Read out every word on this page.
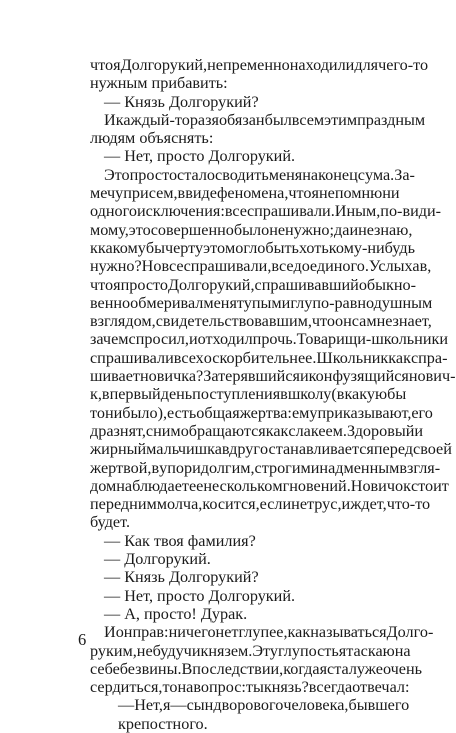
что я Долгорукий, непременно находили для чего-то
нужным прибавить:
— Князь Долгорукий?
И каждый-то раз я обязан был всем этим праздным
людям объяснять:
— Нет, просто Долгорукий.
Это просто стало сводить меня наконец с ума. За-
мечу при сем, в виде феномена, что я не помню ни
одного исключения: все спрашивали. Иным, по-види-
мому, это совершенно было не нужно; да и не знаю,
к какому бы черту это могло быть хоть кому-нибудь
нужно? Но все спрашивали, все до единого. Услыхав,
что я просто Долгорукий, спрашивавший обыкно-
венно обмеривал меня тупым и глупо-равнодушным
взглядом, свидетельствовавшим, что он сам не знает,
зачем спросил, и отходил прочь. Товарищи-школьники
спрашивали всех оскорбительнее. Школьник как спра-
шивает новичка? Затерявшийся и конфузящийся нович-
к, в первый день поступления в школу (в какую бы
то ни было), есть общая жертва: ему приказывают, его
дразнят, с ним обращаются как с лакеем. Здоровый и
жирный мальчишка вдруг останавливается перед своей
жертвой, в упор и долгим, строгим и надменным взгля-
дом наблюдает ее несколько мгновений. Новичок стоит
перед ним молча, косится, если не трус, и ждет, что-то
будет.
— Как твоя фамилия?
— Долгорукий.
— Князь Долгорукий?
— Нет, просто Долгорукий.
— А, просто! Дурак.
И он прав: ничего нет глупее, как называться Долго-
руким, не будучи князем. Эту глупость я таскаю на
себе без вины. Впоследствии, когда я стал уже очень
сердиться, то на вопрос: ты князь? всегда отвечал:
— Нет, я — сын дворового человека, бывшего
крепостного.
6
